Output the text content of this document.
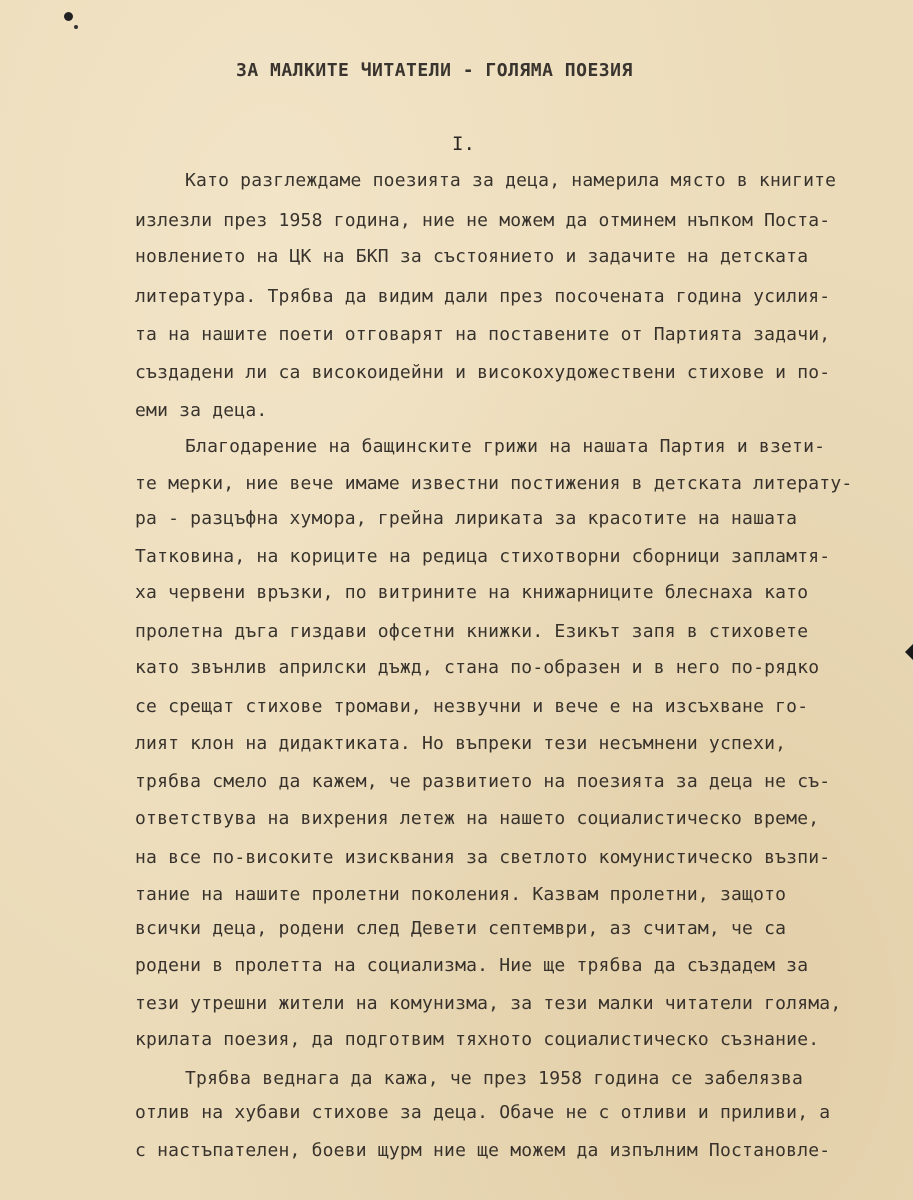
ЗА МАЛКИТЕ ЧИТАТЕЛИ - ГОЛЯМА ПОЕЗИЯ
I.
Като разглеждаме поезията за деца, намерила място в книгите
излезли през 1958 година, ние не можем да отминем нъпком Поста-
новлението на ЦК на БКП за състоянието и задачите на детската
литература. Трябва да видим дали през посочената година усилия-
та на нашите поети отговарят на поставените от Партията задачи,
създадени ли са високоидейни и високохудожествени стихове и по-
еми за деца.
Благодарение на бащинските грижи на нашата Партия и взети-
те мерки, ние вече имаме известни постижения в детската литерату-
ра - разцъфна хумора, грейна лириката за красотите на нашата
Татковина, на кориците на редица стихотворни сборници запламтя-
ха червени връзки, по витрините на книжарниците блеснаха като
пролетна дъга гиздави офсетни книжки. Езикът запя в стиховете
като звънлив априлски дъжд, стана по-образен и в него по-рядко
се срещат стихове тромави, незвучни и вече е на изсъхване го-
лият клон на дидактиката. Но въпреки тези несъмнени успехи,
трябва смело да кажем, че развитието на поезията за деца не съ-
ответствува на вихрения летеж на нашето социалистическо време,
на все по-високите изисквания за светлото комунистическо възпи-
тание на нашите пролетни поколения. Казвам пролетни, защото
всички деца, родени след Девети септември, аз считам, че са
родени в пролетта на социализма. Ние ще трябва да създадем за
тези утрешни жители на комунизма, за тези малки читатели голяма,
крилата поезия, да подготвим тяхното социалистическо съзнание.
Трябва веднага да кажа, че през 1958 година се забелязва
отлив на хубави стихове за деца. Обаче не с отливи и приливи, а
с настъпателен, боеви щурм ние ще можем да изпълним Постановле-
